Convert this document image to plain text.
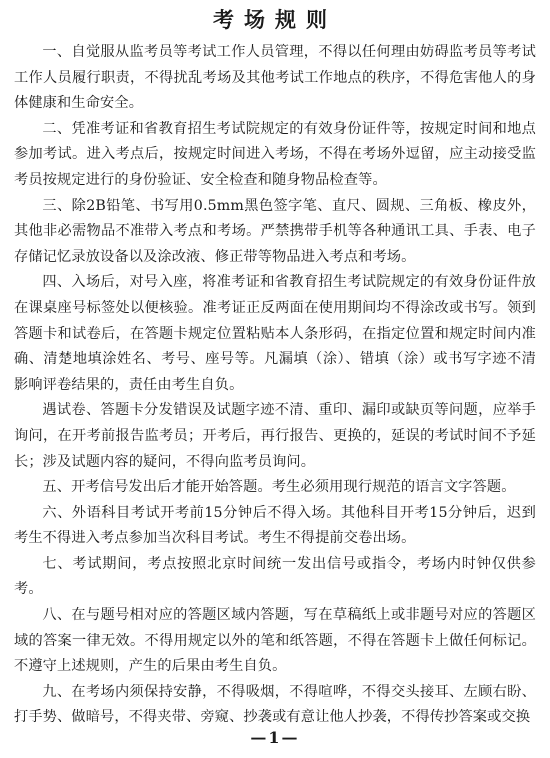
考场规则

一、自觉服从监考员等考试工作人员管理，不得以任何理由妨碍监考员等考试工作人员履行职责，不得扰乱考场及其他考试工作地点的秩序，不得危害他人的身体健康和生命安全。

二、凭准考证和省教育招生考试院规定的有效身份证件等，按规定时间和地点参加考试。进入考点后，按规定时间进入考场，不得在考场外逗留，应主动接受监考员按规定进行的身份验证、安全检查和随身物品检查等。

三、除2B铅笔、书写用0.5mm黑色签字笔、直尺、圆规、三角板、橡皮外，其他非必需物品不准带入考点和考场。严禁携带手机等各种通讯工具、手表、电子存储记忆录放设备以及涂改液、修正带等物品进入考点和考场。

四、入场后，对号入座，将准考证和省教育招生考试院规定的有效身份证件放在课桌座号标签处以便核验。准考证正反两面在使用期间均不得涂改或书写。领到答题卡和试卷后，在答题卡规定位置粘贴本人条形码，在指定位置和规定时间内准确、清楚地填涂姓名、考号、座号等。凡漏填（涂）、错填（涂）或书写字迹不清影响评卷结果的，责任由考生自负。

遇试卷、答题卡分发错误及试题字迹不清、重印、漏印或缺页等问题，应举手询问，在开考前报告监考员；开考后，再行报告、更换的，延误的考试时间不予延长；涉及试题内容的疑问，不得向监考员询问。

五、开考信号发出后才能开始答题。考生必须用现行规范的语言文字答题。

六、外语科目考试开考前15分钟后不得入场。其他科目开考15分钟后，迟到考生不得进入考点参加当次科目考试。考生不得提前交卷出场。

七、考试期间，考点按照北京时间统一发出信号或指令，考场内时钟仅供参考。

八、在与题号相对应的答题区域内答题，写在草稿纸上或非题号对应的答题区域的答案一律无效。不得用规定以外的笔和纸答题，不得在答题卡上做任何标记。不遵守上述规则，产生的后果由考生自负。

九、在考场内须保持安静，不得吸烟，不得喧哗，不得交头接耳、左顾右盼、打手势、做暗号，不得夹带、旁窥、抄袭或有意让他人抄袭，不得传抄答案或交换

—1—
